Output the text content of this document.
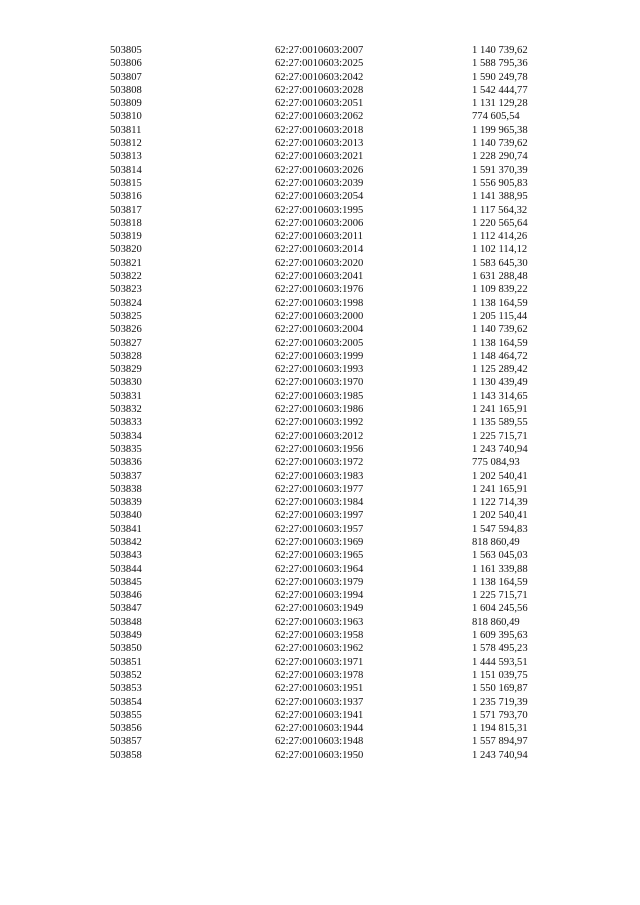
503805	62:27:0010603:2007	1 140 739,62
503806	62:27:0010603:2025	1 588 795,36
503807	62:27:0010603:2042	1 590 249,78
503808	62:27:0010603:2028	1 542 444,77
503809	62:27:0010603:2051	1 131 129,28
503810	62:27:0010603:2062	774 605,54
503811	62:27:0010603:2018	1 199 965,38
503812	62:27:0010603:2013	1 140 739,62
503813	62:27:0010603:2021	1 228 290,74
503814	62:27:0010603:2026	1 591 370,39
503815	62:27:0010603:2039	1 556 905,83
503816	62:27:0010603:2054	1 141 388,95
503817	62:27:0010603:1995	1 117 564,32
503818	62:27:0010603:2006	1 220 565,64
503819	62:27:0010603:2011	1 112 414,26
503820	62:27:0010603:2014	1 102 114,12
503821	62:27:0010603:2020	1 583 645,30
503822	62:27:0010603:2041	1 631 288,48
503823	62:27:0010603:1976	1 109 839,22
503824	62:27:0010603:1998	1 138 164,59
503825	62:27:0010603:2000	1 205 115,44
503826	62:27:0010603:2004	1 140 739,62
503827	62:27:0010603:2005	1 138 164,59
503828	62:27:0010603:1999	1 148 464,72
503829	62:27:0010603:1993	1 125 289,42
503830	62:27:0010603:1970	1 130 439,49
503831	62:27:0010603:1985	1 143 314,65
503832	62:27:0010603:1986	1 241 165,91
503833	62:27:0010603:1992	1 135 589,55
503834	62:27:0010603:2012	1 225 715,71
503835	62:27:0010603:1956	1 243 740,94
503836	62:27:0010603:1972	775 084,93
503837	62:27:0010603:1983	1 202 540,41
503838	62:27:0010603:1977	1 241 165,91
503839	62:27:0010603:1984	1 122 714,39
503840	62:27:0010603:1997	1 202 540,41
503841	62:27:0010603:1957	1 547 594,83
503842	62:27:0010603:1969	818 860,49
503843	62:27:0010603:1965	1 563 045,03
503844	62:27:0010603:1964	1 161 339,88
503845	62:27:0010603:1979	1 138 164,59
503846	62:27:0010603:1994	1 225 715,71
503847	62:27:0010603:1949	1 604 245,56
503848	62:27:0010603:1963	818 860,49
503849	62:27:0010603:1958	1 609 395,63
503850	62:27:0010603:1962	1 578 495,23
503851	62:27:0010603:1971	1 444 593,51
503852	62:27:0010603:1978	1 151 039,75
503853	62:27:0010603:1951	1 550 169,87
503854	62:27:0010603:1937	1 235 719,39
503855	62:27:0010603:1941	1 571 793,70
503856	62:27:0010603:1944	1 194 815,31
503857	62:27:0010603:1948	1 557 894,97
503858	62:27:0010603:1950	1 243 740,94
